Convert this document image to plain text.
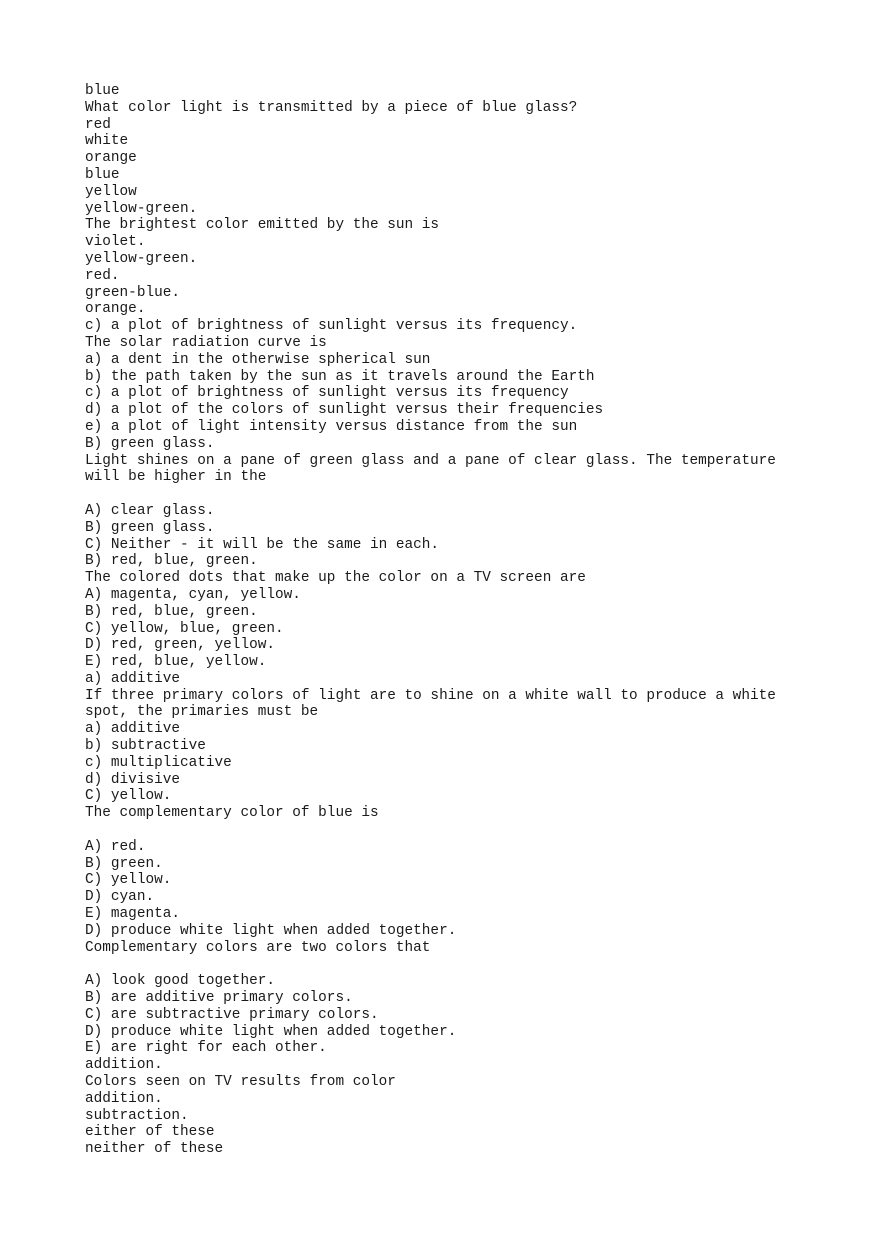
blue
What color light is transmitted by a piece of blue glass?
red
white
orange
blue
yellow
yellow-green.
The brightest color emitted by the sun is
violet.
yellow-green.
red.
green-blue.
orange.
c) a plot of brightness of sunlight versus its frequency.
The solar radiation curve is
a) a dent in the otherwise spherical sun
b) the path taken by the sun as it travels around the Earth
c) a plot of brightness of sunlight versus its frequency
d) a plot of the colors of sunlight versus their frequencies
e) a plot of light intensity versus distance from the sun
B) green glass.
Light shines on a pane of green glass and a pane of clear glass. The temperature
will be higher in the
A) clear glass.
B) green glass.
C) Neither - it will be the same in each.
B) red, blue, green.
The colored dots that make up the color on a TV screen are
A) magenta, cyan, yellow.
B) red, blue, green.
C) yellow, blue, green.
D) red, green, yellow.
E) red, blue, yellow.
a) additive
If three primary colors of light are to shine on a white wall to produce a white
spot, the primaries must be
a) additive
b) subtractive
c) multiplicative
d) divisive
C) yellow.
The complementary color of blue is
A) red.
B) green.
C) yellow.
D) cyan.
E) magenta.
D) produce white light when added together.
Complementary colors are two colors that
A) look good together.
B) are additive primary colors.
C) are subtractive primary colors.
D) produce white light when added together.
E) are right for each other.
addition.
Colors seen on TV results from color
addition.
subtraction.
either of these
neither of these
